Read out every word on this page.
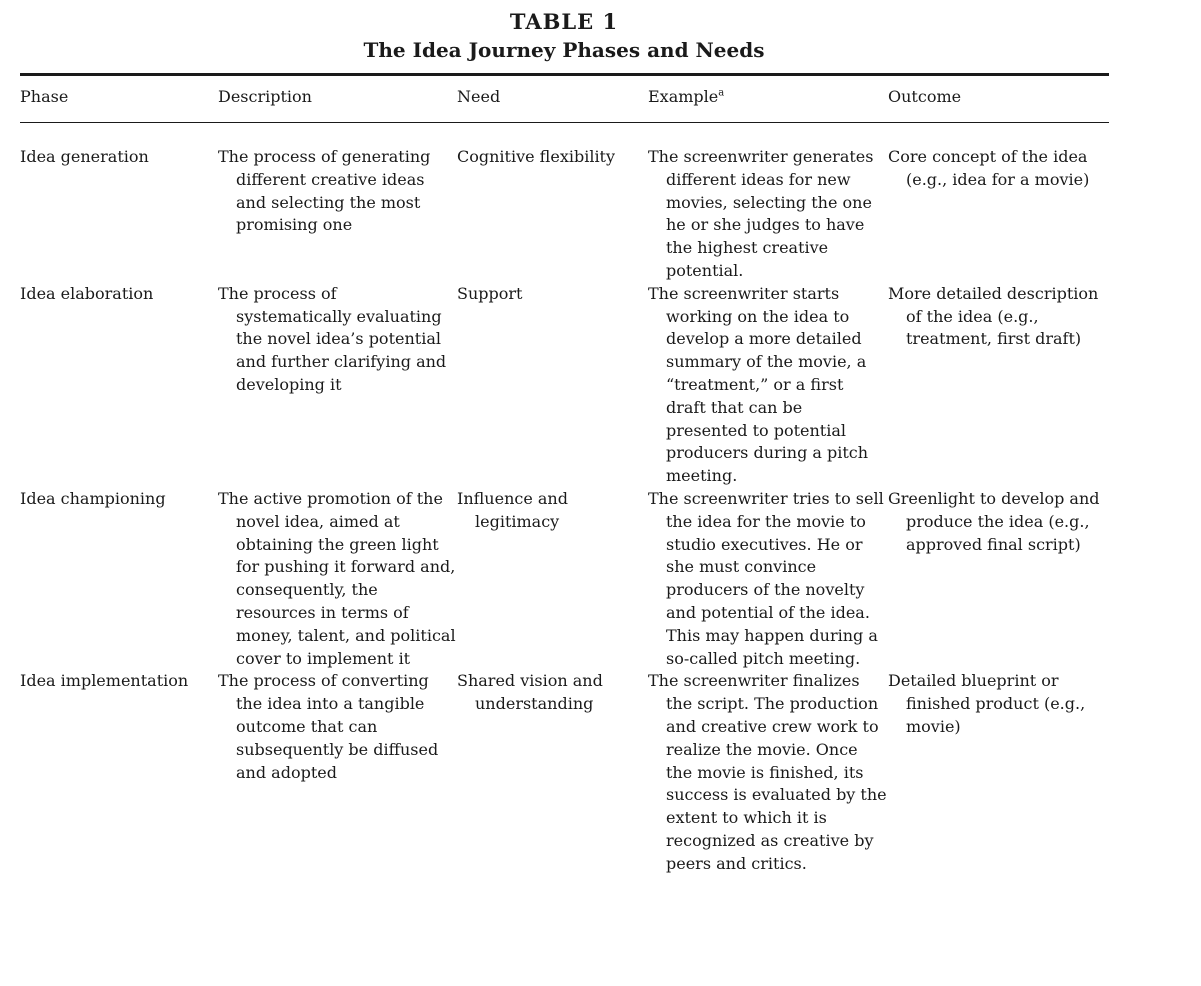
TABLE 1
The Idea Journey Phases and Needs
Phase	Description	Need	Example$^a$	Outcome

Idea generation	The process of generating different creative ideas and selecting the most promising one	Cognitive flexibility	The screenwriter generates different ideas for new movies, selecting the one he or she judges to have the highest creative potential.	Core concept of the idea (e.g., idea for a movie)
Idea elaboration	The process of systematically evaluating the novel idea’s potential and further clarifying and developing it	Support	The screenwriter starts working on the idea to develop a more detailed summary of the movie, a “treatment,” or a first draft that can be presented to potential producers during a pitch meeting.	More detailed description of the idea (e.g., treatment, first draft)
Idea championing	The active promotion of the novel idea, aimed at obtaining the green light for pushing it forward and, consequently, the resources in terms of money, talent, and political cover to implement it	Influence and legitimacy	The screenwriter tries to sell the idea for the movie to studio executives. He or she must convince producers of the novelty and potential of the idea. This may happen during a so-called pitch meeting.	Greenlight to develop and produce the idea (e.g., approved final script)
Idea implementation	The process of converting the idea into a tangible outcome that can subsequently be diffused and adopted	Shared vision and understanding	The screenwriter finalizes the script. The production and creative crew work to realize the movie. Once the movie is finished, its success is evaluated by the extent to which it is recognized as creative by peers and critics.	Detailed blueprint or finished product (e.g., movie)
